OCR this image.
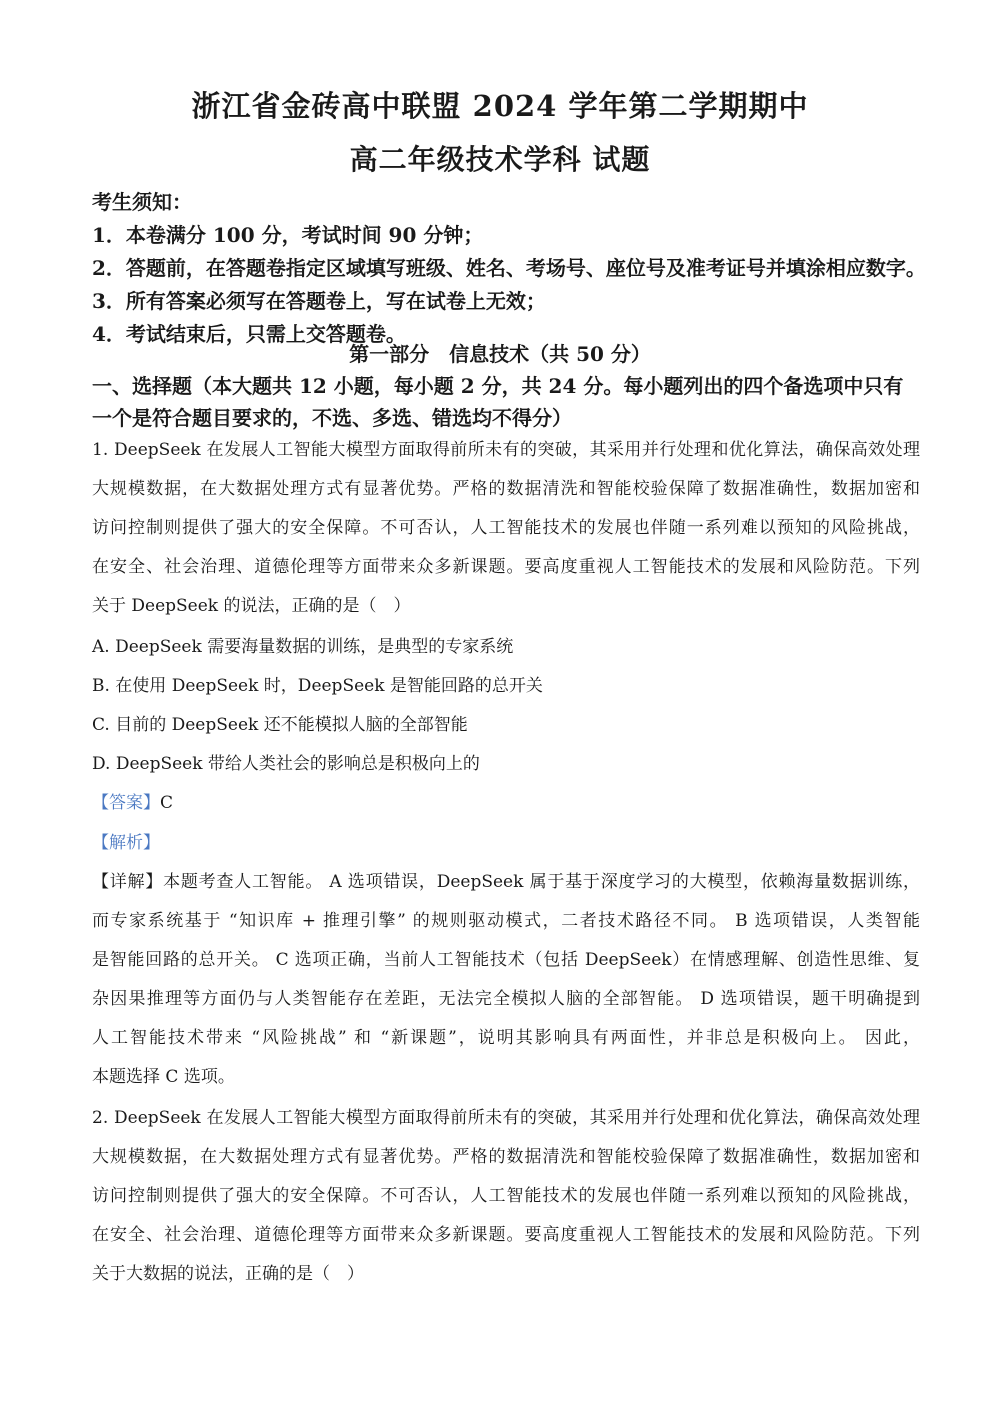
浙江省金砖高中联盟 2024 学年第二学期期中
高二年级技术学科 试题
考生须知：
1．本卷满分 100 分，考试时间 90 分钟；
2．答题前，在答题卷指定区域填写班级、姓名、考场号、座位号及准考证号并填涂相应数字。
3．所有答案必须写在答题卷上，写在试卷上无效；
4．考试结束后，只需上交答题卷。
第一部分　信息技术（共 50 分）
一、选择题（本大题共 12 小题，每小题 2 分，共 24 分。每小题列出的四个备选项中只有
一个是符合题目要求的，不选、多选、错选均不得分）
1. DeepSeek 在发展人工智能大模型方面取得前所未有的突破，其采用并行处理和优化算法，确保高效处理
大规模数据，在大数据处理方式有显著优势。严格的数据清洗和智能校验保障了数据准确性，数据加密和
访问控制则提供了强大的安全保障。不可否认，人工智能技术的发展也伴随一系列难以预知的风险挑战，
在安全、社会治理、道德伦理等方面带来众多新课题。要高度重视人工智能技术的发展和风险防范。下列
关于 DeepSeek 的说法，正确的是（　）
A. DeepSeek 需要海量数据的训练，是典型的专家系统
B. 在使用 DeepSeek 时，DeepSeek 是智能回路的总开关
C. 目前的 DeepSeek 还不能模拟人脑的全部智能
D. DeepSeek 带给人类社会的影响总是积极向上的
【答案】C
【解析】
【详解】本题考查人工智能。 A 选项错误，DeepSeek 属于基于深度学习的大模型，依赖海量数据训练，
而专家系统基于 “知识库 + 推理引擎” 的规则驱动模式，二者技术路径不同。 B 选项错误，人类智能
是智能回路的总开关。 C 选项正确，当前人工智能技术（包括 DeepSeek）在情感理解、创造性思维、复
杂因果推理等方面仍与人类智能存在差距，无法完全模拟人脑的全部智能。 D 选项错误，题干明确提到
人工智能技术带来 “风险挑战” 和 “新课题”，说明其影响具有两面性，并非总是积极向上。 因此，
本题选择 C 选项。
2. DeepSeek 在发展人工智能大模型方面取得前所未有的突破，其采用并行处理和优化算法，确保高效处理
大规模数据，在大数据处理方式有显著优势。严格的数据清洗和智能校验保障了数据准确性，数据加密和
访问控制则提供了强大的安全保障。不可否认，人工智能技术的发展也伴随一系列难以预知的风险挑战，
在安全、社会治理、道德伦理等方面带来众多新课题。要高度重视人工智能技术的发展和风险防范。下列
关于大数据的说法，正确的是（　）
